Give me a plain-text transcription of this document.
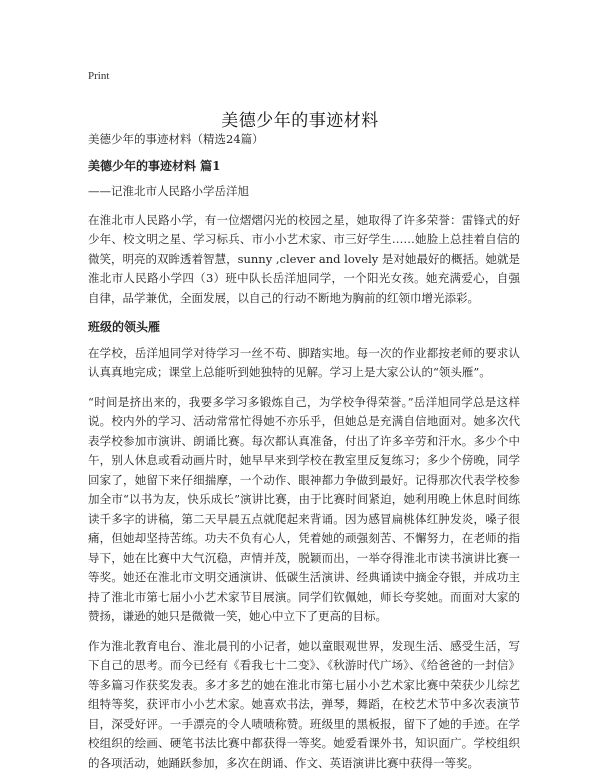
Print
美德少年的事迹材料

美德少年的事迹材料（精选24篇）

美德少年的事迹材料 篇1

——记淮北市人民路小学岳洋旭

在淮北市人民路小学，有一位熠熠闪光的校园之星，她取得了许多荣誉：雷锋式的好少年、校文明之星、学习标兵、市小小艺术家、市三好学生……她脸上总挂着自信的微笑，明亮的双眸透着智慧，sunny ,clever and lovely 是对她最好的概括。她就是淮北市人民路小学四（3）班中队长岳洋旭同学，一个阳光女孩。她充满爱心，自强自律，品学兼优，全面发展，以自己的行动不断地为胸前的红领巾增光添彩。

班级的领头雁

在学校，岳洋旭同学对待学习一丝不苟、脚踏实地。每一次的作业都按老师的要求认认真真地完成；课堂上总能听到她独特的见解。学习上是大家公认的“领头雁”。

“时间是挤出来的，我要多学习多锻炼自己，为学校争得荣誉。”岳洋旭同学总是这样说。校内外的学习、活动常常忙得她不亦乐乎，但她总是充满自信地面对。她多次代表学校参加市演讲、朗诵比赛。每次都认真准备，付出了许多辛劳和汗水。多少个中午，别人休息或看动画片时，她早早来到学校在教室里反复练习；多少个傍晚，同学回家了，她留下来仔细揣摩，一个动作、眼神都力争做到最好。记得那次代表学校参加全市“以书为友，快乐成长”演讲比赛，由于比赛时间紧迫，她利用晚上休息时间练读千多字的讲稿，第二天早晨五点就爬起来背诵。因为感冒扁桃体红肿发炎，嗓子很痛，但她却坚持苦练。功夫不负有心人，凭着她的顽强刻苦、不懈努力，在老师的指导下，她在比赛中大气沉稳，声情并茂，脱颖而出，一举夺得淮北市读书演讲比赛一等奖。她还在淮北市文明交通演讲、低碳生活演讲、经典诵读中摘金夺银，并成功主持了淮北市第七届小小艺术家节目展演。同学们钦佩她，师长夸奖她。而面对大家的赞扬，谦逊的她只是微微一笑，她心中立下了更高的目标。

作为淮北教育电台、淮北晨刊的小记者，她以童眼观世界，发现生活、感受生活，写下自己的思考。而今已经有《看我七十二变》、《秋游时代广场》、《给爸爸的一封信》等多篇习作获奖发表。多才多艺的她在淮北市第七届小小艺术家比赛中荣获少儿综艺组特等奖，获评市小小艺术家。她喜欢书法，弹琴，舞蹈，在校艺术节中多次表演节目，深受好评。一手漂亮的令人啧啧称赞。班级里的黑板报，留下了她的手迹。在学校组织的绘画、硬笔书法比赛中都获得一等奖。她爱看课外书，知识面广。学校组织的各项活动，她踊跃参加，多次在朗诵、作文、英语演讲比赛中获得一等奖。
